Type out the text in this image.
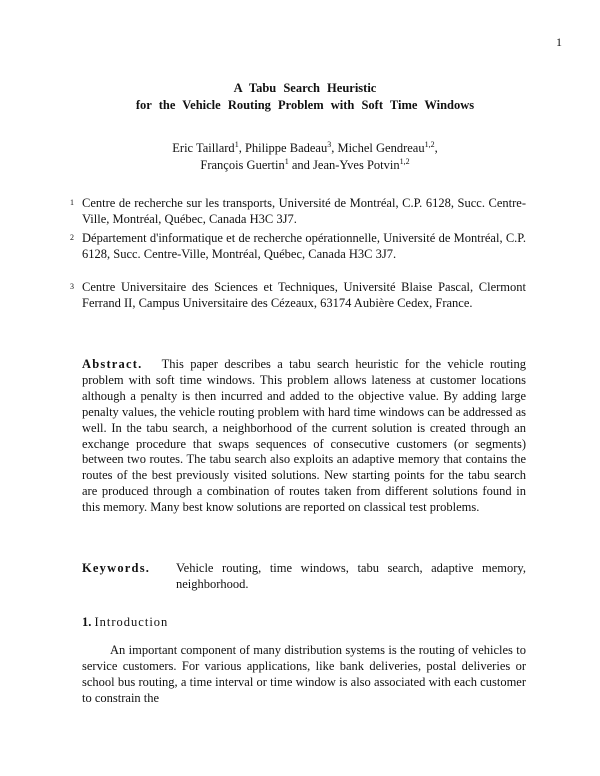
1
A Tabu Search Heuristic
for the Vehicle Routing Problem with Soft Time Windows
Eric Taillard$^1$, Philippe Badeau$^3$, Michel Gendreau$^{1,2}$,
François Guertin$^1$ and Jean-Yves Potvin$^{1,2}$
1 Centre de recherche sur les transports, Université de Montréal, C.P. 6128, Succ. Centre-Ville, Montréal, Québec, Canada H3C 3J7.
2 Département d'informatique et de recherche opérationnelle, Université de Montréal, C.P. 6128, Succ. Centre-Ville, Montréal, Québec, Canada H3C 3J7.
3 Centre Universitaire des Sciences et Techniques, Université Blaise Pascal, Clermont Ferrand II, Campus Universitaire des Cézeaux, 63174 Aubière Cedex, France.
Abstract. This paper describes a tabu search heuristic for the vehicle routing problem with soft time windows. This problem allows lateness at customer locations although a penalty is then incurred and added to the objective value. By adding large penalty values, the vehicle routing problem with hard time windows can be addressed as well. In the tabu search, a neighborhood of the current solution is created through an exchange procedure that swaps sequences of consecutive customers (or segments) between two routes. The tabu search also exploits an adaptive memory that contains the routes of the best previously visited solutions. New starting points for the tabu search are produced through a combination of routes taken from different solutions found in this memory. Many best know solutions are reported on classical test problems.
Keywords. Vehicle routing, time windows, tabu search, adaptive memory, neighborhood.
1. Introduction
An important component of many distribution systems is the routing of vehicles to service customers. For various applications, like bank deliveries, postal deliveries or school bus routing, a time interval or time window is also associated with each customer to constrain the
